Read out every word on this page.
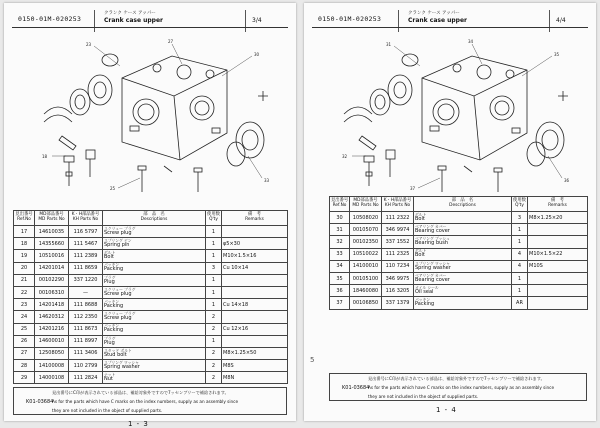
0150-01M-020253
クランク ケース アッパー
Crank case upper	3/4
23
27
30
33
18
25
見出番号
Ref.No	MD部品番号
MD Parts No	K・H部品番号
KH Parts No	部　品　名
Descriptions	使用数
Q'ty	備　考
Remarks
17	14610035	116 5797	スクリュー プラグ
Screw plug	1	
18	14355660	111 5467	スプリング ピン
Spring pin	1	φ5×30
19	10510016	111 2389	ボルト
Bolt	1	M10×1.5×16
20	14201014	111 8659	パッキン
Packing	3	Cu 10×14
21	00102290	337 1220	プラグ
Plug	1	
22	00106310	—	スクリュー プラグ
Screw plug	1	
23	14201418	111 8688	パッキン
Packing	1	Cu 14×18
24	14620312	112 2350	スクリュー プラグ
Screw plug	2	
25	14201216	111 8673	パッキン
Packing	2	Cu 12×16
26	14600010	111 8997	プラグ
Plug	1	
27	12508050	111 3406	スタッド ボルト
Stud bolt	2	M8×1.25×50
28	14100008	110 2799	スプリング ワッシャ
Spring washer	2	M8S
29	14000108	111 2824	ナット
Nut	2	M8N
K01-03684
見出番号にC印が表示されている部品は、補給対象外ですので7ッセンブリーで補給されます。
As for the parts which have C marks on the index numbers, supply as an assembly since
they are not included in the object of supplied parts.
1 - 3
0150-01M-020253
クランク ケース アッパー
Crank case upper	4/4
31
34
35
36
32
37
見出番号
Ref.No	MD部品番号
MD Parts No	K・H部品番号
KH Parts No	部　品　名
Descriptions	使用数
Q'ty	備　考
Remarks
30	10508020	111 2322	ボルト
Bolt	3	M8×1.25×20
31	00105070	346 9974	ベアリング カバー
Bearing cover	1	
32	00102350	337 1552	ベアリング ブッシュ
Bearing bush	1	
33	10510022	111 2325	ボルト
Bolt	4	M10×1.5×22
34	14100010	110 7234	スプリング ワッシャ
Spring washer	4	M10S
35	00105100	346 9975	ベアリング カバー
Bearing cover	1	
36	18460080	116 3205	オイル シール
Oil seal	1	
37	00106850	337 1379	パッキン
Packing	AR	
K01-03684
見出番号にC印が表示されている部品は、補給対象外ですので7ッセンブリーで補給されます。
As for the parts which have C marks on the index numbers, supply as an assembly since
they are not included in the object of supplied parts.
1 - 4
5
